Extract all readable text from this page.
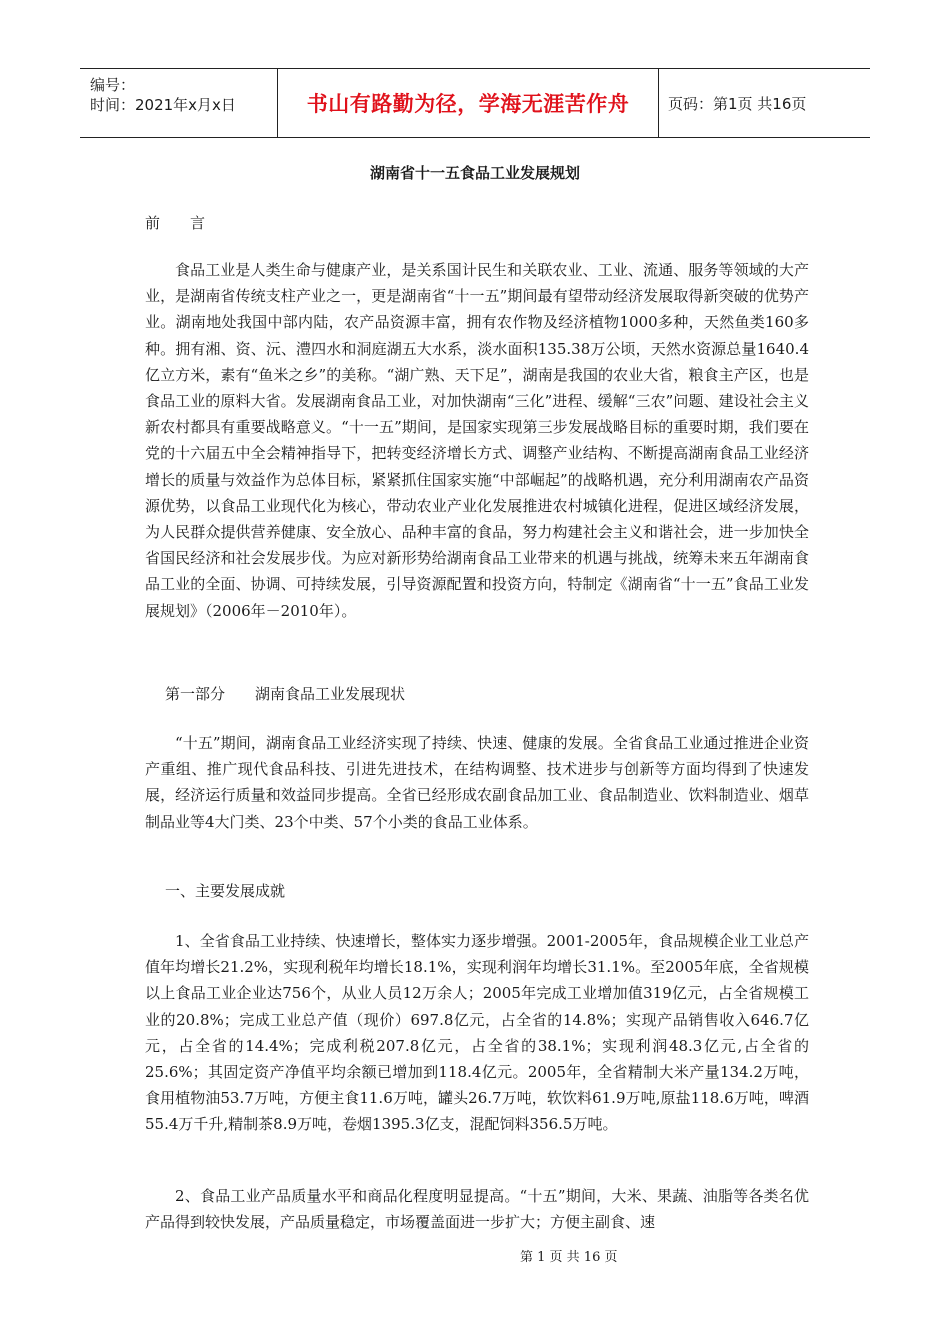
编号：
时间：2021年x月x日	书山有路勤为径，学海无涯苦作舟	页码：第1页 共16页
湖南省十一五食品工业发展规划
前　　言

食品工业是人类生命与健康产业，是关系国计民生和关联农业、工业、流通、服务等领域的大产业，是湖南省传统支柱产业之一，更是湖南省“十一五”期间最有望带动经济发展取得新突破的优势产业。湖南地处我国中部内陆，农产品资源丰富，拥有农作物及经济植物1000多种，天然鱼类160多种。拥有湘、资、沅、澧四水和洞庭湖五大水系，淡水面积135.38万公顷，天然水资源总量1640.4亿立方米，素有“鱼米之乡”的美称。“湖广熟、天下足”，湖南是我国的农业大省，粮食主产区，也是食品工业的原料大省。发展湖南食品工业，对加快湖南“三化”进程、缓解“三农”问题、建设社会主义新农村都具有重要战略意义。“十一五”期间，是国家实现第三步发展战略目标的重要时期，我们要在党的十六届五中全会精神指导下，把转变经济增长方式、调整产业结构、不断提高湖南食品工业经济增长的质量与效益作为总体目标，紧紧抓住国家实施“中部崛起”的战略机遇，充分利用湖南农产品资源优势，以食品工业现代化为核心，带动农业产业化发展推进农村城镇化进程，促进区域经济发展，为人民群众提供营养健康、安全放心、品种丰富的食品，努力构建社会主义和谐社会，进一步加快全省国民经济和社会发展步伐。为应对新形势给湖南食品工业带来的机遇与挑战，统筹未来五年湖南食品工业的全面、协调、可持续发展，引导资源配置和投资方向，特制定《湖南省“十一五”食品工业发展规划》（2006年－2010年）。

第一部分　　湖南食品工业发展现状

“十五”期间，湖南食品工业经济实现了持续、快速、健康的发展。全省食品工业通过推进企业资产重组、推广现代食品科技、引进先进技术，在结构调整、技术进步与创新等方面均得到了快速发展，经济运行质量和效益同步提高。全省已经形成农副食品加工业、食品制造业、饮料制造业、烟草制品业等4大门类、23个中类、57个小类的食品工业体系。

一、主要发展成就

1、全省食品工业持续、快速增长，整体实力逐步增强。2001-2005年，食品规模企业工业总产值年均增长21.2%，实现利税年均增长18.1%，实现利润年均增长31.1%。至2005年底，全省规模以上食品工业企业达756个，从业人员12万余人；2005年完成工业增加值319亿元，占全省规模工业的20.8%；完成工业总产值（现价）697.8亿元，占全省的14.8%；实现产品销售收入646.7亿元，占全省的14.4%；完成利税207.8亿元，占全省的38.1%；实现利润48.3亿元,占全省的25.6%；其固定资产净值平均余额已增加到118.4亿元。2005年，全省精制大米产量134.2万吨，食用植物油53.7万吨，方便主食11.6万吨，罐头26.7万吨，软饮料61.9万吨,原盐118.6万吨，啤酒55.4万千升,精制茶8.9万吨，卷烟1395.3亿支，混配饲料356.5万吨。

2、食品工业产品质量水平和商品化程度明显提高。“十五”期间，大米、果蔬、油脂等各类名优产品得到较快发展，产品质量稳定，市场覆盖面进一步扩大；方便主副食、速

第 1 页 共 16 页
